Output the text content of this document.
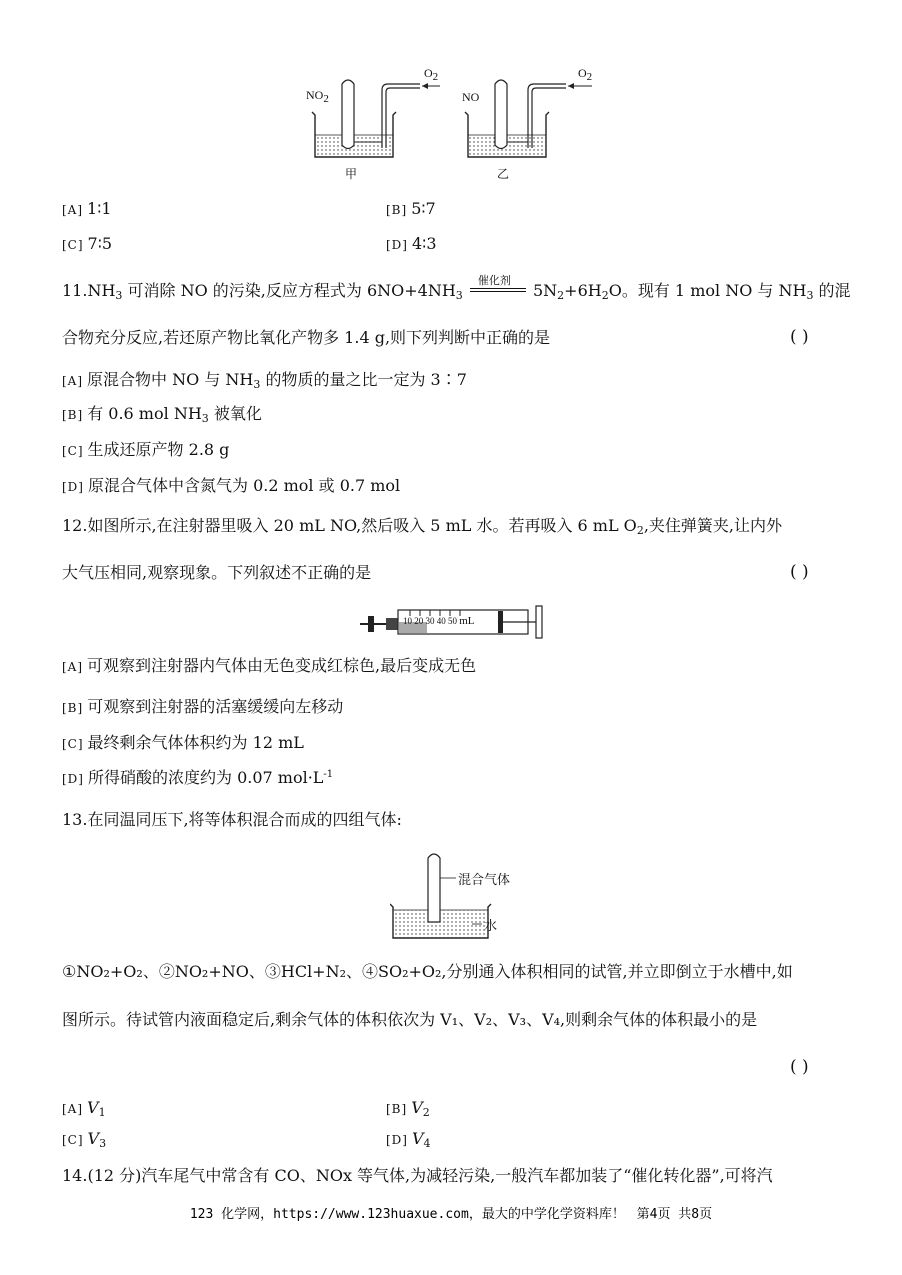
$NO_2$	NO
$O_2$	$O_2$
甲	乙
[A] 1∶1	[B] 5∶7
[C] 7∶5	[D] 4∶3
$11.NH_3$ 可消除 NO 的污染,反应方程式为 $6NO+4NH_3$
催化剂
$5N_2+6H_2O$。现有 1 mol NO 与 $NH_3$ 的混
合物充分反应,若还原产物比氧化产物多 1.4 g,则下列判断中正确的是	( )
[A] 原混合物中 NO 与 $NH_3$ 的物质的量之比一定为 3∶7
[B] 有 0.6 mol $NH_3$ 被氧化
[C] 生成还原产物 2.8 g
[D] 原混合气体中含氮气为 0.2 mol 或 0.7 mol
12.如图所示,在注射器里吸入 20 mL NO,然后吸入 5 mL 水。若再吸入 6 mL $O_2$,夹住弹簧夹,让内外
大气压相同,观察现象。下列叙述不正确的是	( )
10 20 30 40 50 mL
[A] 可观察到注射器内气体由无色变成红棕色,最后变成无色
[B] 可观察到注射器的活塞缓缓向左移动
[C] 最终剩余气体体积约为 12 mL
[D] 所得硝酸的浓度约为 0.07 $mol\cdot L^{-1}$
13.在同温同压下,将等体积混合而成的四组气体:
混合气体
水
①NO₂+O₂、②NO₂+NO、③HCl+N₂、④SO₂+O₂,分别通入体积相同的试管,并立即倒立于水槽中,如
图所示。待试管内液面稳定后,剩余气体的体积依次为 V₁、V₂、V₃、V₄,则剩余气体的体积最小的是
( )
[A] $V_1$	[B] $V_2$
[C] $V_3$	[D] $V_4$
14.(12 分)汽车尾气中常含有 CO、NOx 等气体,为减轻污染,一般汽车都加装了“催化转化器”,可将汽
123 化学网，https://www.123huaxue.com，最大的中学化学资料库！ 第4页 共8页
